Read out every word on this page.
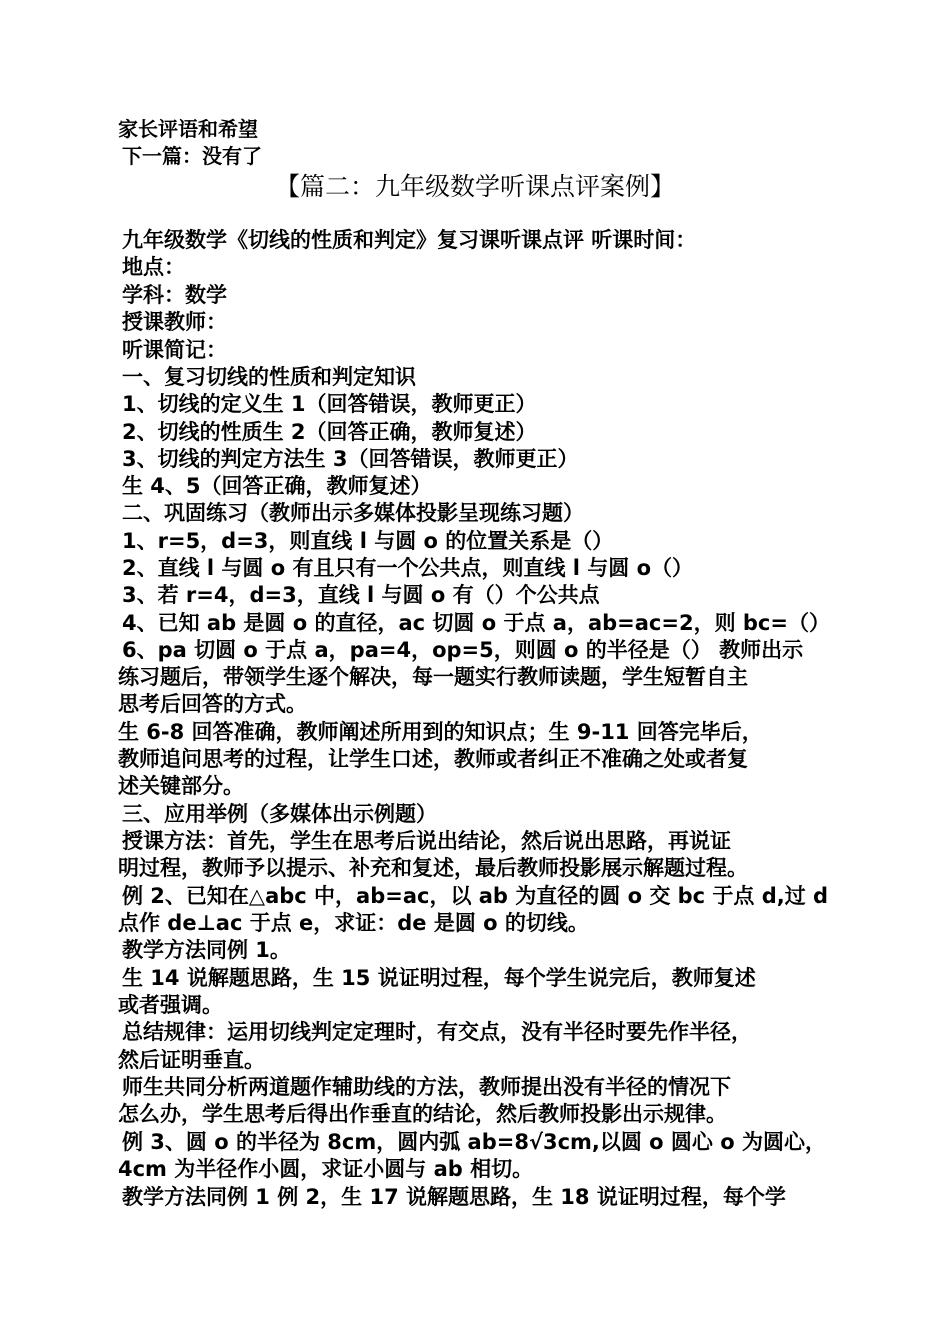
家长评语和希望
下一篇：没有了
【篇二：九年级数学听课点评案例】
九年级数学《切线的性质和判定》复习课听课点评 听课时间：
地点：
学科：数学
授课教师：
听课简记：
一、复习切线的性质和判定知识
1、切线的定义生 1（回答错误，教师更正）
2、切线的性质生 2（回答正确，教师复述）
3、切线的判定方法生 3（回答错误，教师更正）
生 4、5（回答正确，教师复述）
二、巩固练习（教师出示多媒体投影呈现练习题）
1、r=5，d=3，则直线 l 与圆 o 的位置关系是（）
2、直线 l 与圆 o 有且只有一个公共点，则直线 l 与圆 o（）
3、若 r=4，d=3，直线 l 与圆 o 有（）个公共点
4、已知 ab 是圆 o 的直径，ac 切圆 o 于点 a，ab=ac=2，则 bc=（）
6、pa 切圆 o 于点 a，pa=4，op=5，则圆 o 的半径是（） 教师出示
练习题后，带领学生逐个解决，每一题实行教师读题，学生短暂自主
思考后回答的方式。
生 6-8 回答准确，教师阐述所用到的知识点；生 9-11 回答完毕后，
教师追问思考的过程，让学生口述，教师或者纠正不准确之处或者复
述关键部分。
三、应用举例（多媒体出示例题）
授课方法：首先，学生在思考后说出结论，然后说出思路，再说证
明过程，教师予以提示、补充和复述，最后教师投影展示解题过程。
例 2、已知在△abc 中，ab=ac，以 ab 为直径的圆 o 交 bc 于点 d,过 d
点作 de⊥ac 于点 e，求证：de 是圆 o 的切线。
教学方法同例 1。
生 14 说解题思路，生 15 说证明过程，每个学生说完后，教师复述
或者强调。
总结规律：运用切线判定定理时，有交点，没有半径时要先作半径，
然后证明垂直。
师生共同分析两道题作辅助线的方法，教师提出没有半径的情况下
怎么办，学生思考后得出作垂直的结论，然后教师投影出示规律。
例 3、圆 o 的半径为 8cm，圆内弧 ab=8√3cm,以圆 o 圆心 o 为圆心，
4cm 为半径作小圆，求证小圆与 ab 相切。
教学方法同例 1 例 2，生 17 说解题思路，生 18 说证明过程，每个学
